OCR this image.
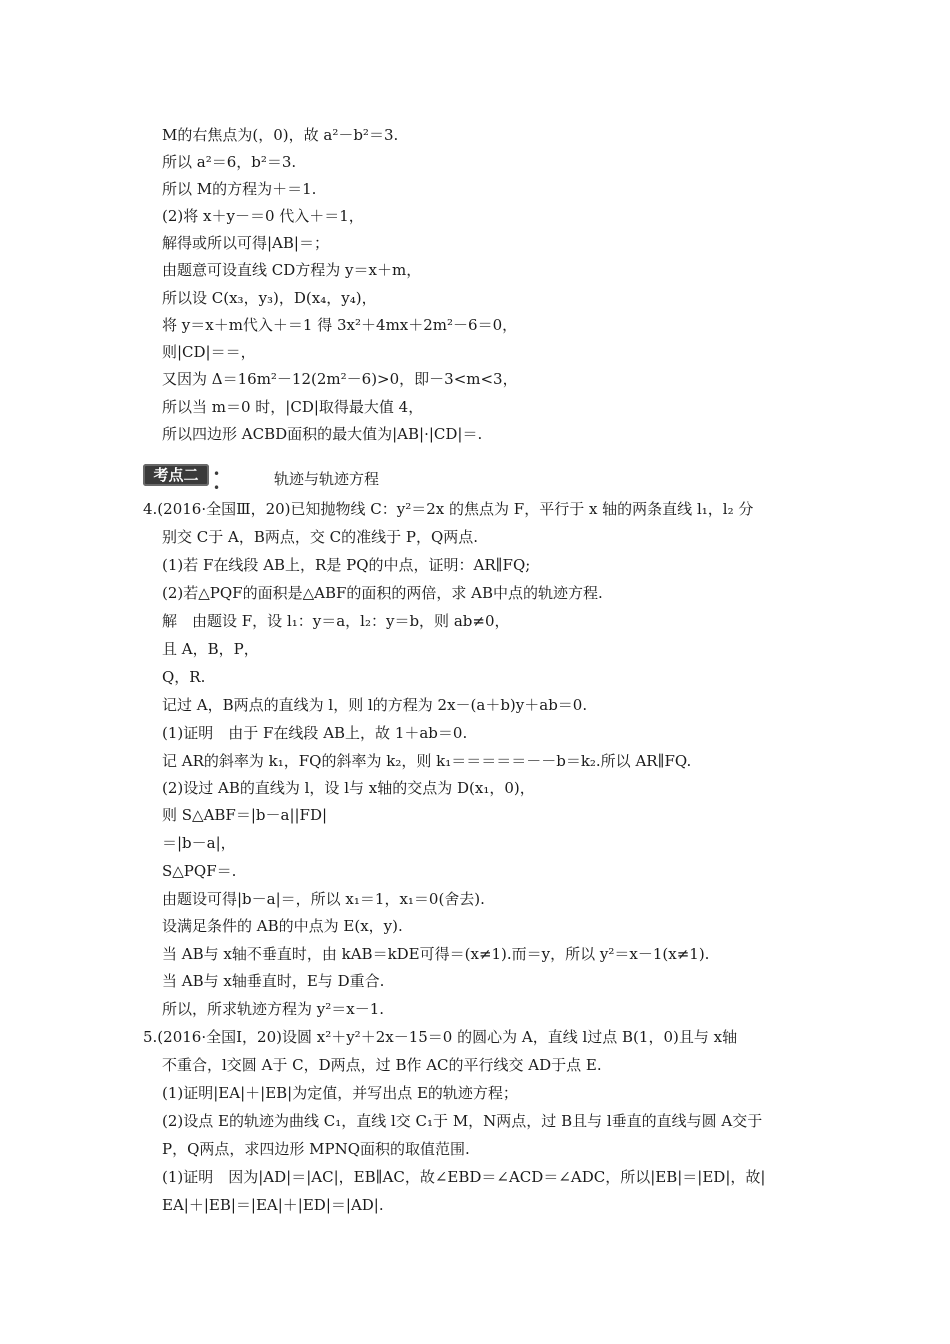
M的右焦点为(，0)，故 a²－b²＝3.
所以 a²＝6，b²＝3.
所以 M的方程为＋＝1.
(2)将 x＋y－＝0 代入＋＝1，
解得或所以可得|AB|＝；
由题意可设直线 CD方程为 y＝x＋m，
所以设 C(x₃，y₃)，D(x₄，y₄)，
将 y＝x＋m代入＋＝1 得 3x²＋4mx＋2m²－6＝0，
则|CD|＝＝，
又因为 Δ＝16m²－12(2m²－6)>0，即－3<m<3，
所以当 m＝0 时，|CD|取得最大值 4，
所以四边形 ACBD面积的最大值为|AB|·|CD|＝.
考点二	• •	轨迹与轨迹方程
4.(2016·全国Ⅲ，20)已知抛物线 C：y²＝2x 的焦点为 F，平行于 x 轴的两条直线 l₁，l₂ 分
别交 C于 A，B两点，交 C的准线于 P，Q两点.
(1)若 F在线段 AB上，R是 PQ的中点，证明：AR∥FQ;
(2)若△PQF的面积是△ABF的面积的两倍，求 AB中点的轨迹方程.
解　由题设 F，设 l₁：y＝a，l₂：y＝b，则 ab≠0，
且 A，B，P，
Q，R.
记过 A，B两点的直线为 l，则 l的方程为 2x－(a＋b)y＋ab＝0.
(1)证明　由于 F在线段 AB上，故 1＋ab＝0.
记 AR的斜率为 k₁，FQ的斜率为 k₂，则 k₁＝＝＝＝＝－－b＝k₂.所以 AR∥FQ.
(2)设过 AB的直线为 l，设 l与 x轴的交点为 D(x₁，0)，
则 S△ABF＝|b－a||FD|
＝|b－a|，
S△PQF＝.
由题设可得|b－a|＝，所以 x₁＝1，x₁＝0(舍去).
设满足条件的 AB的中点为 E(x，y).
当 AB与 x轴不垂直时，由 kAB＝kDE可得＝(x≠1).而＝y，所以 y²＝x－1(x≠1).
当 AB与 x轴垂直时，E与 D重合.
所以，所求轨迹方程为 y²＝x－1.
5.(2016·全国Ⅰ，20)设圆 x²＋y²＋2x－15＝0 的圆心为 A，直线 l过点 B(1，0)且与 x轴
不重合，l交圆 A于 C，D两点，过 B作 AC的平行线交 AD于点 E.
(1)证明|EA|＋|EB|为定值，并写出点 E的轨迹方程；
(2)设点 E的轨迹为曲线 C₁，直线 l交 C₁于 M，N两点，过 B且与 l垂直的直线与圆 A交于
P，Q两点，求四边形 MPNQ面积的取值范围.
(1)证明　因为|AD|＝|AC|，EB∥AC，故∠EBD＝∠ACD＝∠ADC，所以|EB|＝|ED|，故|
EA|＋|EB|＝|EA|＋|ED|＝|AD|.
